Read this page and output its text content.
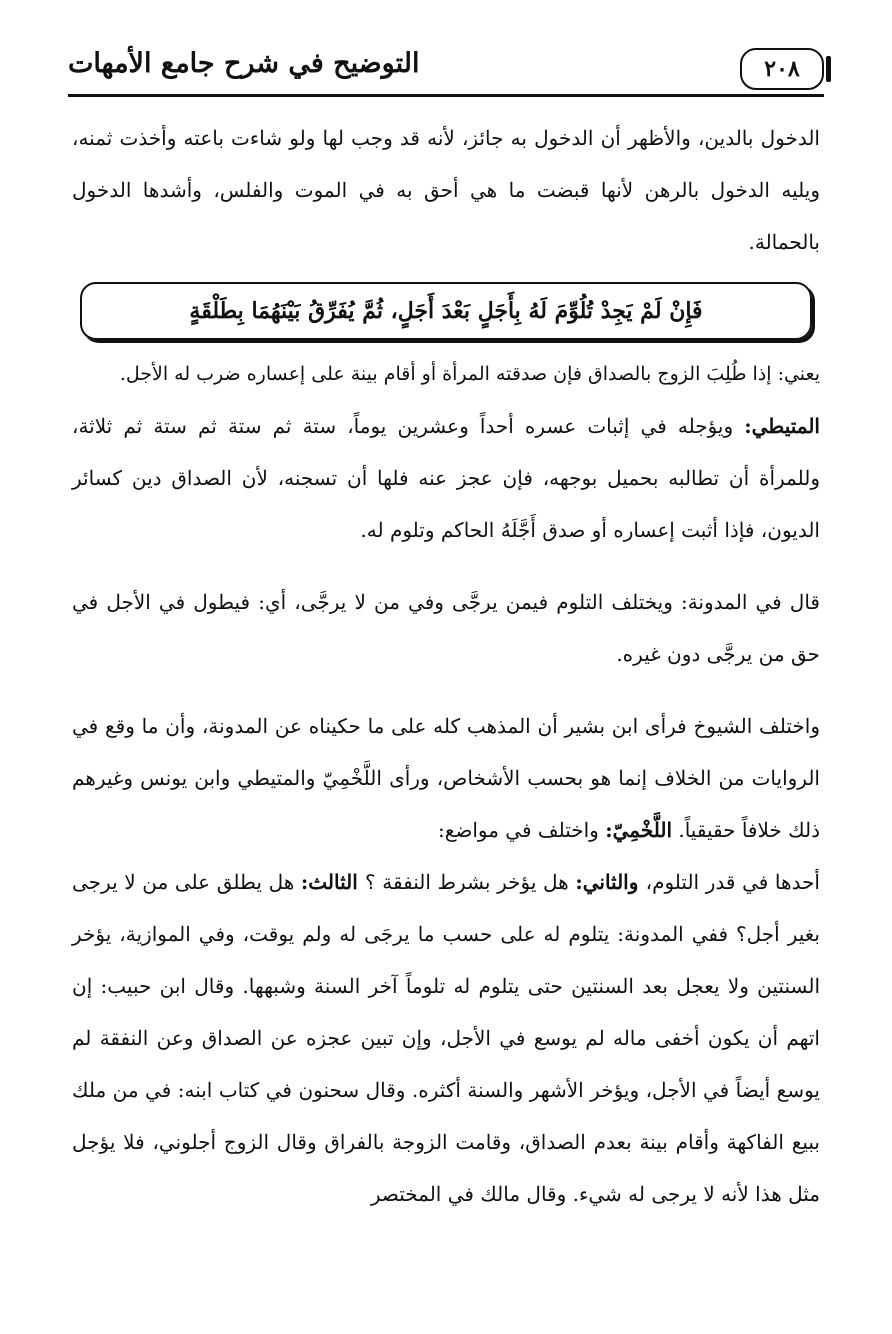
٢٠٨
التوضيح في شرح جامع الأمهات

الدخول بالدين، والأظهر أن الدخول به جائز، لأنه قد وجب لها ولو شاءت باعته وأخذت ثمنه، ويليه الدخول بالرهن لأنها قبضت ما هي أحق به في الموت والفلس، وأشدها الدخول بالحمالة.

فَإِنْ لَمْ يَجِدْ تُلُوِّمَ لَهُ بِأَجَلٍ بَعْدَ أَجَلٍ، ثُمَّ يُفَرِّقُ بَيْنَهُمَا بِطَلْقَةٍ

يعني: إذا طُلِبَ الزوج بالصداق فإن صدقته المرأة أو أقام بينة على إعساره ضرب له الأجل.

المتيطي: ويؤجله في إثبات عسره أحداً وعشرين يوماً، ستة ثم ستة ثم ستة ثم ثلاثة، وللمرأة أن تطالبه بحميل بوجهه، فإن عجز عنه فلها أن تسجنه، لأن الصداق دين كسائر الديون، فإذا أثبت إعساره أو صدق أَجَّلَهُ الحاكم وتلوم له.

قال في المدونة: ويختلف التلوم فيمن يرجَّى وفي من لا يرجَّى، أي: فيطول في الأجل في حق من يرجَّى دون غيره.

واختلف الشيوخ فرأى ابن بشير أن المذهب كله على ما حكيناه عن المدونة، وأن ما وقع في الروايات من الخلاف إنما هو بحسب الأشخاص، ورأى اللَّخْمِيّ والمتيطي وابن يونس وغيرهم ذلك خلافاً حقيقياً. اللَّخْمِيّ: واختلف في مواضع:

أحدها في قدر التلوم، والثاني: هل يؤخر بشرط النفقة ؟ الثالث: هل يطلق على من لا يرجى بغير أجل؟ ففي المدونة: يتلوم له على حسب ما يرجَى له ولم يوقت، وفي الموازية، يؤخر السنتين ولا يعجل بعد السنتين حتى يتلوم له تلوماً آخر السنة وشبهها. وقال ابن حبيب: إن اتهم أن يكون أخفى ماله لم يوسع في الأجل، وإن تبين عجزه عن الصداق وعن النفقة لم يوسع أيضاً في الأجل، ويؤخر الأشهر والسنة أكثره. وقال سحنون في كتاب ابنه: في من ملك ببيع الفاكهة وأقام بينة بعدم الصداق، وقامت الزوجة بالفراق وقال الزوج أجلوني، فلا يؤجل مثل هذا لأنه لا يرجى له شيء. وقال مالك في المختصر
